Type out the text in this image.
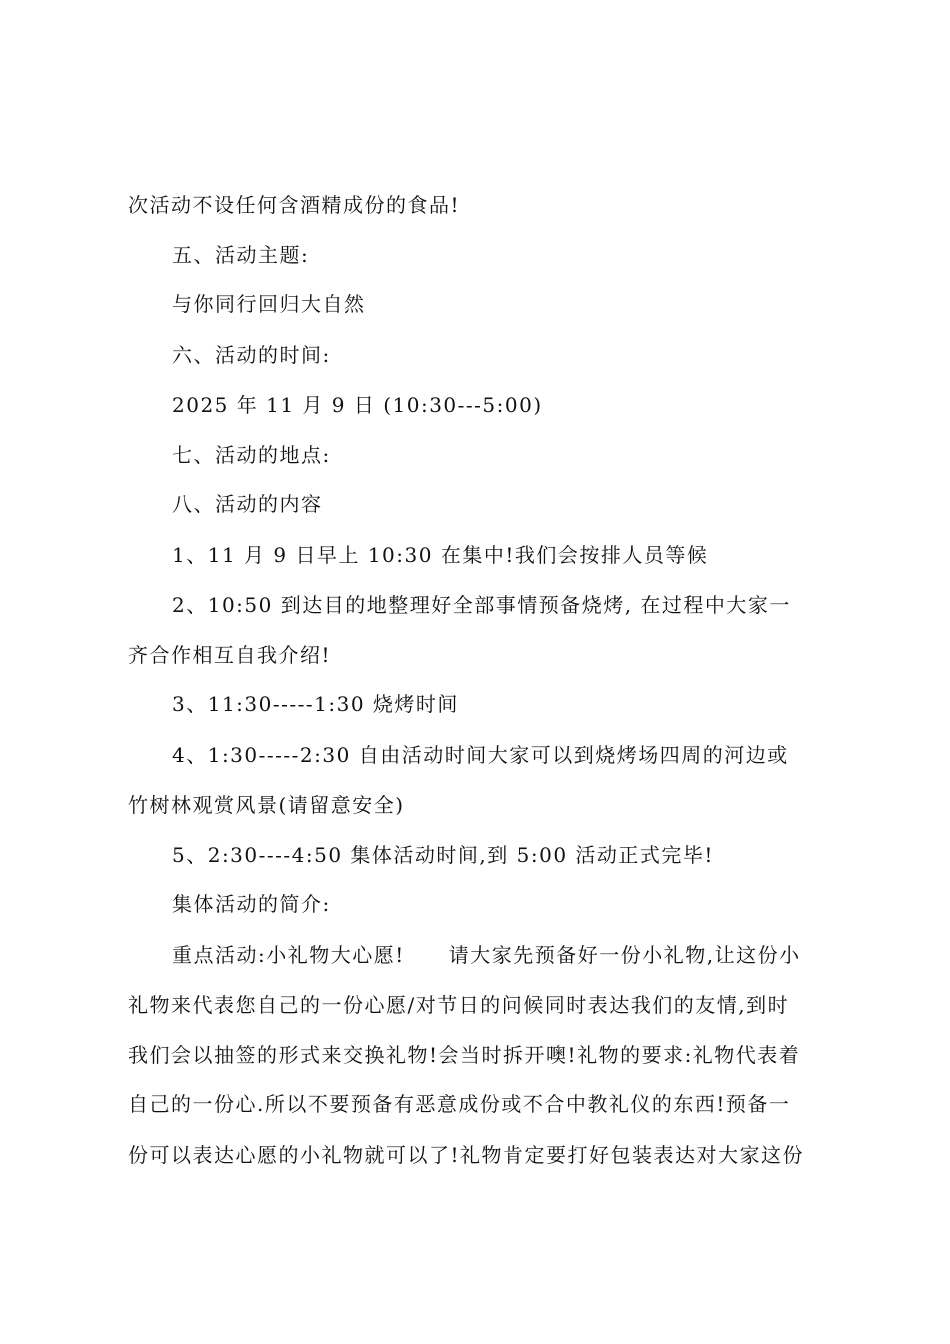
次活动不设任何含酒精成份的食品!
五、活动主题:
与你同行回归大自然
六、活动的时间:
2025 年 11 月 9 日 (10:30---5:00)
七、活动的地点:
八、活动的内容
1、11 月 9 日早上 10:30 在集中!我们会按排人员等候
2、10:50 到达目的地整理好全部事情预备烧烤, 在过程中大家一
齐合作相互自我介绍!
3、11:30-----1:30 烧烤时间
4、1:30-----2:30 自由活动时间大家可以到烧烤场四周的河边或
竹树林观赏风景(请留意安全)
5、2:30----4:50 集体活动时间,到 5:00 活动正式完毕!
集体活动的简介:
重点活动:小礼物大心愿! 请大家先预备好一份小礼物,让这份小
礼物来代表您自己的一份心愿/对节日的问候同时表达我们的友情,到时
我们会以抽签的形式来交换礼物!会当时拆开噢!礼物的要求:礼物代表着
自己的一份心.所以不要预备有恶意成份或不合中教礼仪的东西!预备一
份可以表达心愿的小礼物就可以了!礼物肯定要打好包装表达对大家这份
